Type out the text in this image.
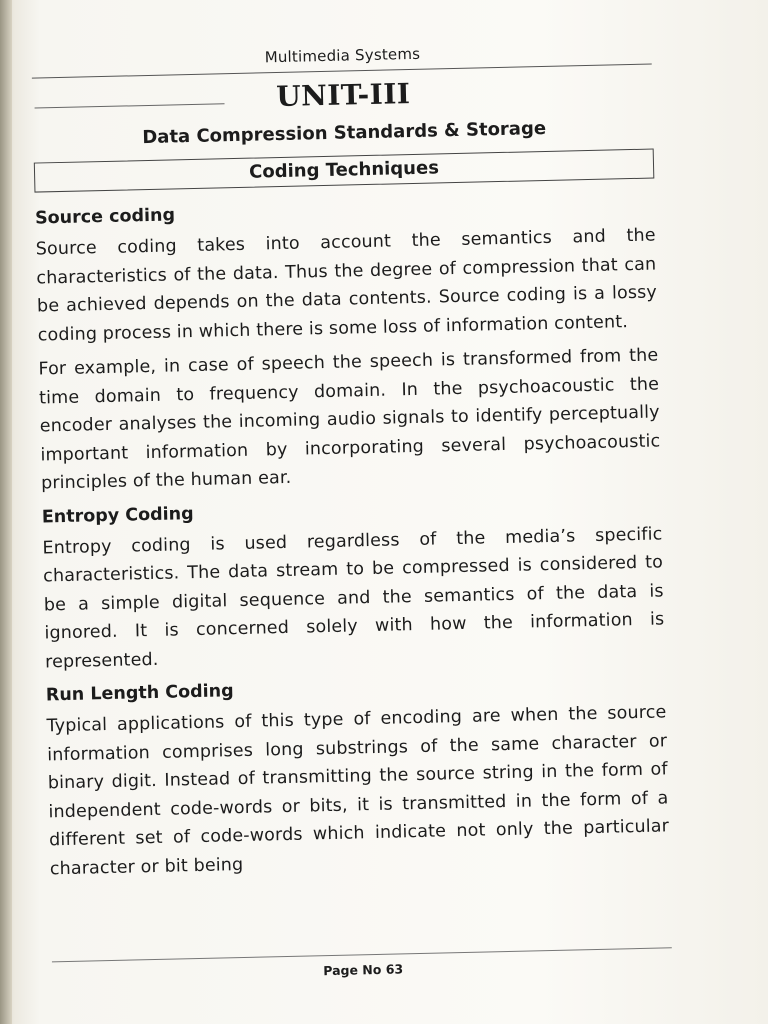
Multimedia Systems
UNIT-III
Data Compression Standards & Storage
Coding Techniques
Source coding
Source coding takes into account the semantics and the characteristics of the data. Thus the degree of compression that can be achieved depends on the data contents. Source coding is a lossy coding process in which there is some loss of information content.
For example, in case of speech the speech is transformed from the time domain to frequency domain. In the psychoacoustic the encoder analyses the incoming audio signals to identify perceptually important information by incorporating several psychoacoustic principles of the human ear.
Entropy Coding
Entropy coding is used regardless of the media’s specific characteristics. The data stream to be compressed is considered to be a simple digital sequence and the semantics of the data is ignored. It is concerned solely with how the information is represented.
Run Length Coding
Typical applications of this type of encoding are when the source information comprises long substrings of the same character or binary digit. Instead of transmitting the source string in the form of independent code-words or bits, it is transmitted in the form of a different set of code-words which indicate not only the particular character or bit being
Page No 63
